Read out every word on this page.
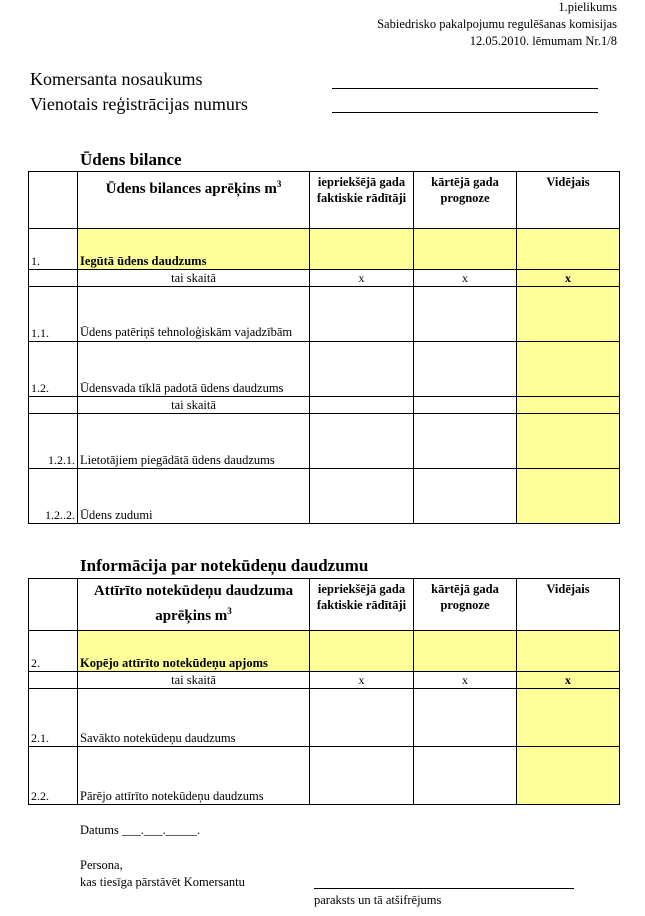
1.pielikums
Sabiedrisko pakalpojumu regulēšanas komisijas
12.05.2010. lēmumam Nr.1/8
Komersanta nosaukums
Vienotais reģistrācijas numurs
Ūdens bilance
	Ūdens bilances aprēķins $m^3$	iepriekšējā gada faktiskie rādītāji	kārtējā gada prognoze	Vidējais
1.	Iegūtā ūdens daudzums			
	tai skaitā	x	x	x
1.1.	Ūdens patēriņš tehnoloģiskām vajadzībām			
1.2.	Ūdensvada tīklā padotā ūdens daudzums			
	tai skaitā			
1.2.1.	Lietotājiem piegādātā ūdens daudzums			
1.2..2.	Ūdens zudumi			
Informācija par notekūdeņu daudzumu
	Attīrīto notekūdeņu daudzuma aprēķins $m^3$	iepriekšējā gada faktiskie rādītāji	kārtējā gada prognoze	Vidējais
2.	Kopējo attīrīto notekūdeņu apjoms			
	tai skaitā	x	x	x
2.1.	Savākto notekūdeņu daudzums			
2.2.	Pārējo attīrīto notekūdeņu daudzums			
Datums ___.___._____.
Persona,
kas tiesīga pārstāvēt Komersantu
paraksts un tā atšifrējums
